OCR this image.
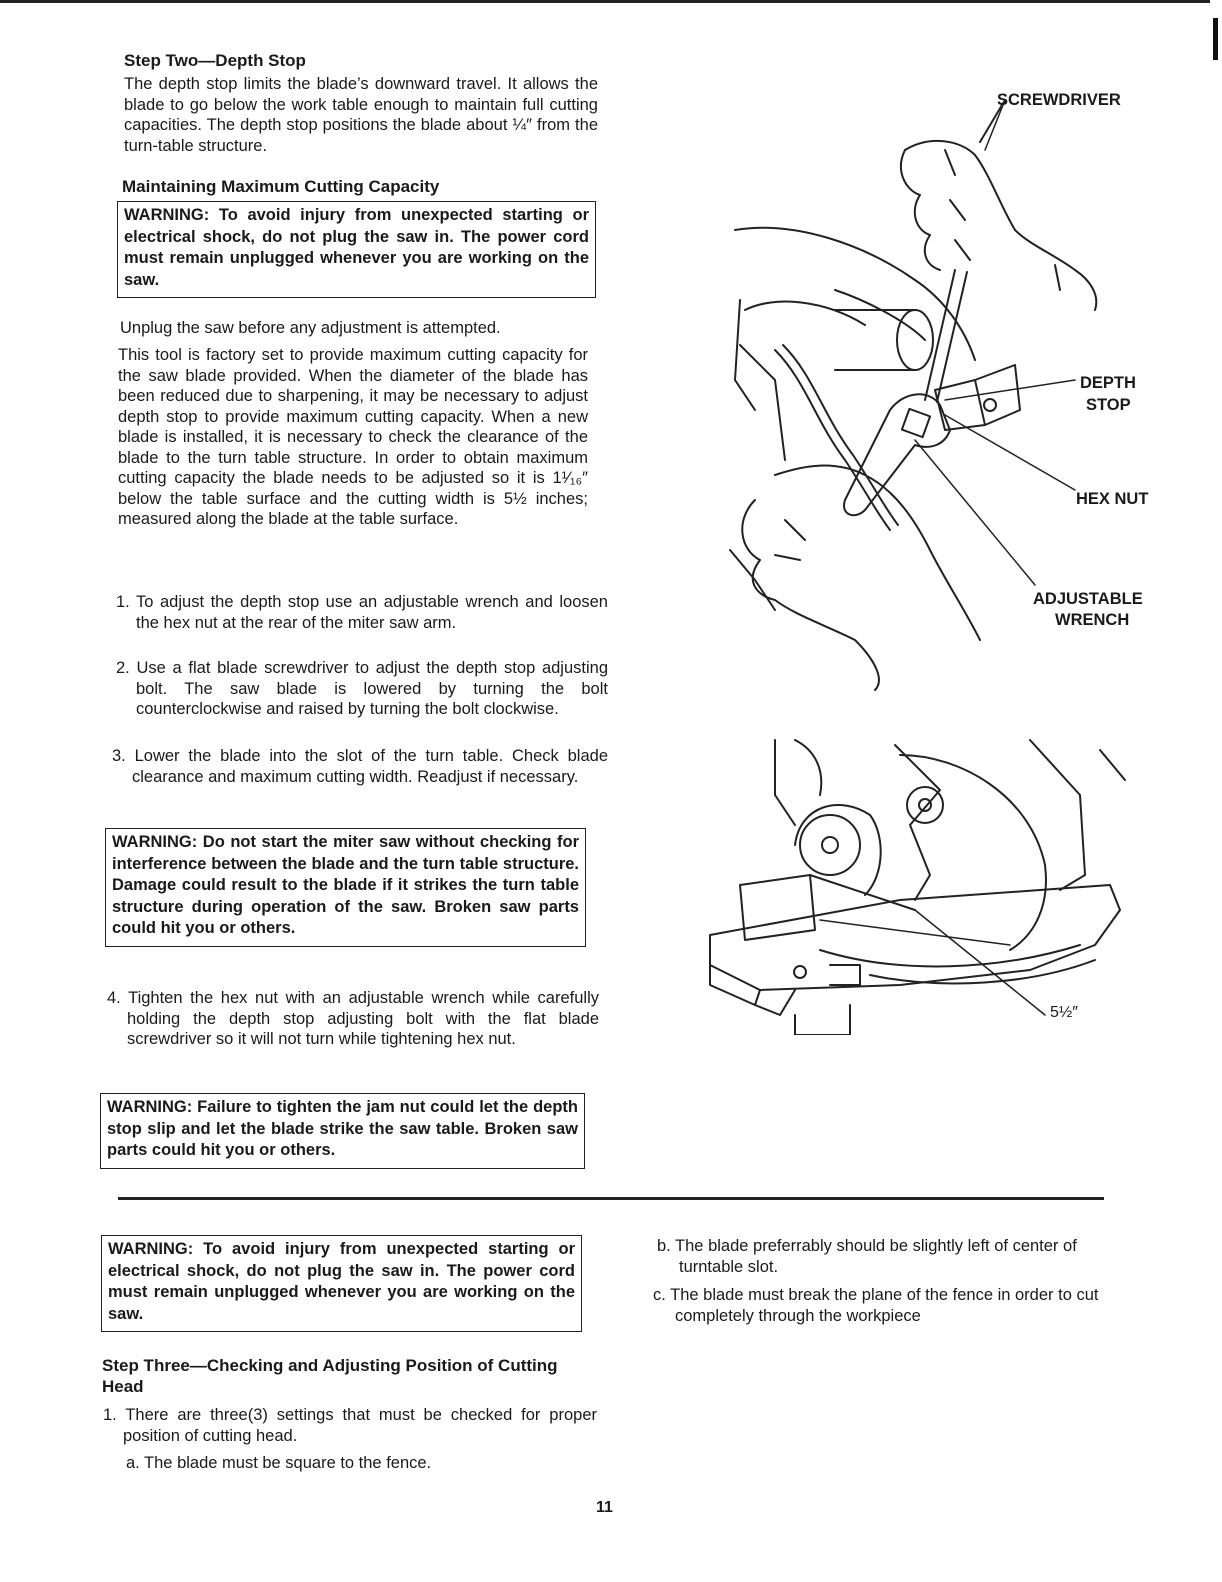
Step Two—Depth Stop
The depth stop limits the blade’s downward travel. It allows the blade to go below the work table enough to maintain full cutting capacities. The depth stop positions the blade about ¼″ from the turn-table structure.
Maintaining Maximum Cutting Capacity
WARNING: To avoid injury from unexpected starting or electrical shock, do not plug the saw in. The power cord must remain unplugged whenever you are working on the saw.
Unplug the saw before any adjustment is attempted.
This tool is factory set to provide maximum cutting capacity for the saw blade provided. When the diameter of the blade has been reduced due to sharpening, it may be necessary to adjust depth stop to provide maximum cutting capacity. When a new blade is installed, it is necessary to check the clearance of the blade to the turn table structure. In order to obtain maximum cutting capacity the blade needs to be adjusted so it is 1¹⁄₁₆″ below the table surface and the cutting width is 5½ inches; measured along the blade at the table surface.
1. To adjust the depth stop use an adjustable wrench and loosen the hex nut at the rear of the miter saw arm.
2. Use a flat blade screwdriver to adjust the depth stop adjusting bolt. The saw blade is lowered by turning the bolt counterclockwise and raised by turning the bolt clockwise.
3. Lower the blade into the slot of the turn table. Check blade clearance and maximum cutting width. Readjust if necessary.
WARNING: Do not start the miter saw without checking for interference between the blade and the turn table structure. Damage could result to the blade if it strikes the turn table structure during operation of the saw. Broken saw parts could hit you or others.
4. Tighten the hex nut with an adjustable wrench while carefully holding the depth stop adjusting bolt with the flat blade screwdriver so it will not turn while tightening hex nut.
WARNING: Failure to tighten the jam nut could let the depth stop slip and let the blade strike the saw table. Broken saw parts could hit you or others.
SCREWDRIVER
DEPTH
STOP
HEX NUT
ADJUSTABLE
WRENCH
5½″
WARNING: To avoid injury from unexpected starting or electrical shock, do not plug the saw in. The power cord must remain unplugged whenever you are working on the saw.
Step Three—Checking and Adjusting Position of Cutting Head
1. There are three(3) settings that must be checked for proper position of cutting head.
a. The blade must be square to the fence.
b. The blade preferrably should be slightly left of center of turntable slot.
c. The blade must break the plane of the fence in order to cut completely through the workpiece
11
